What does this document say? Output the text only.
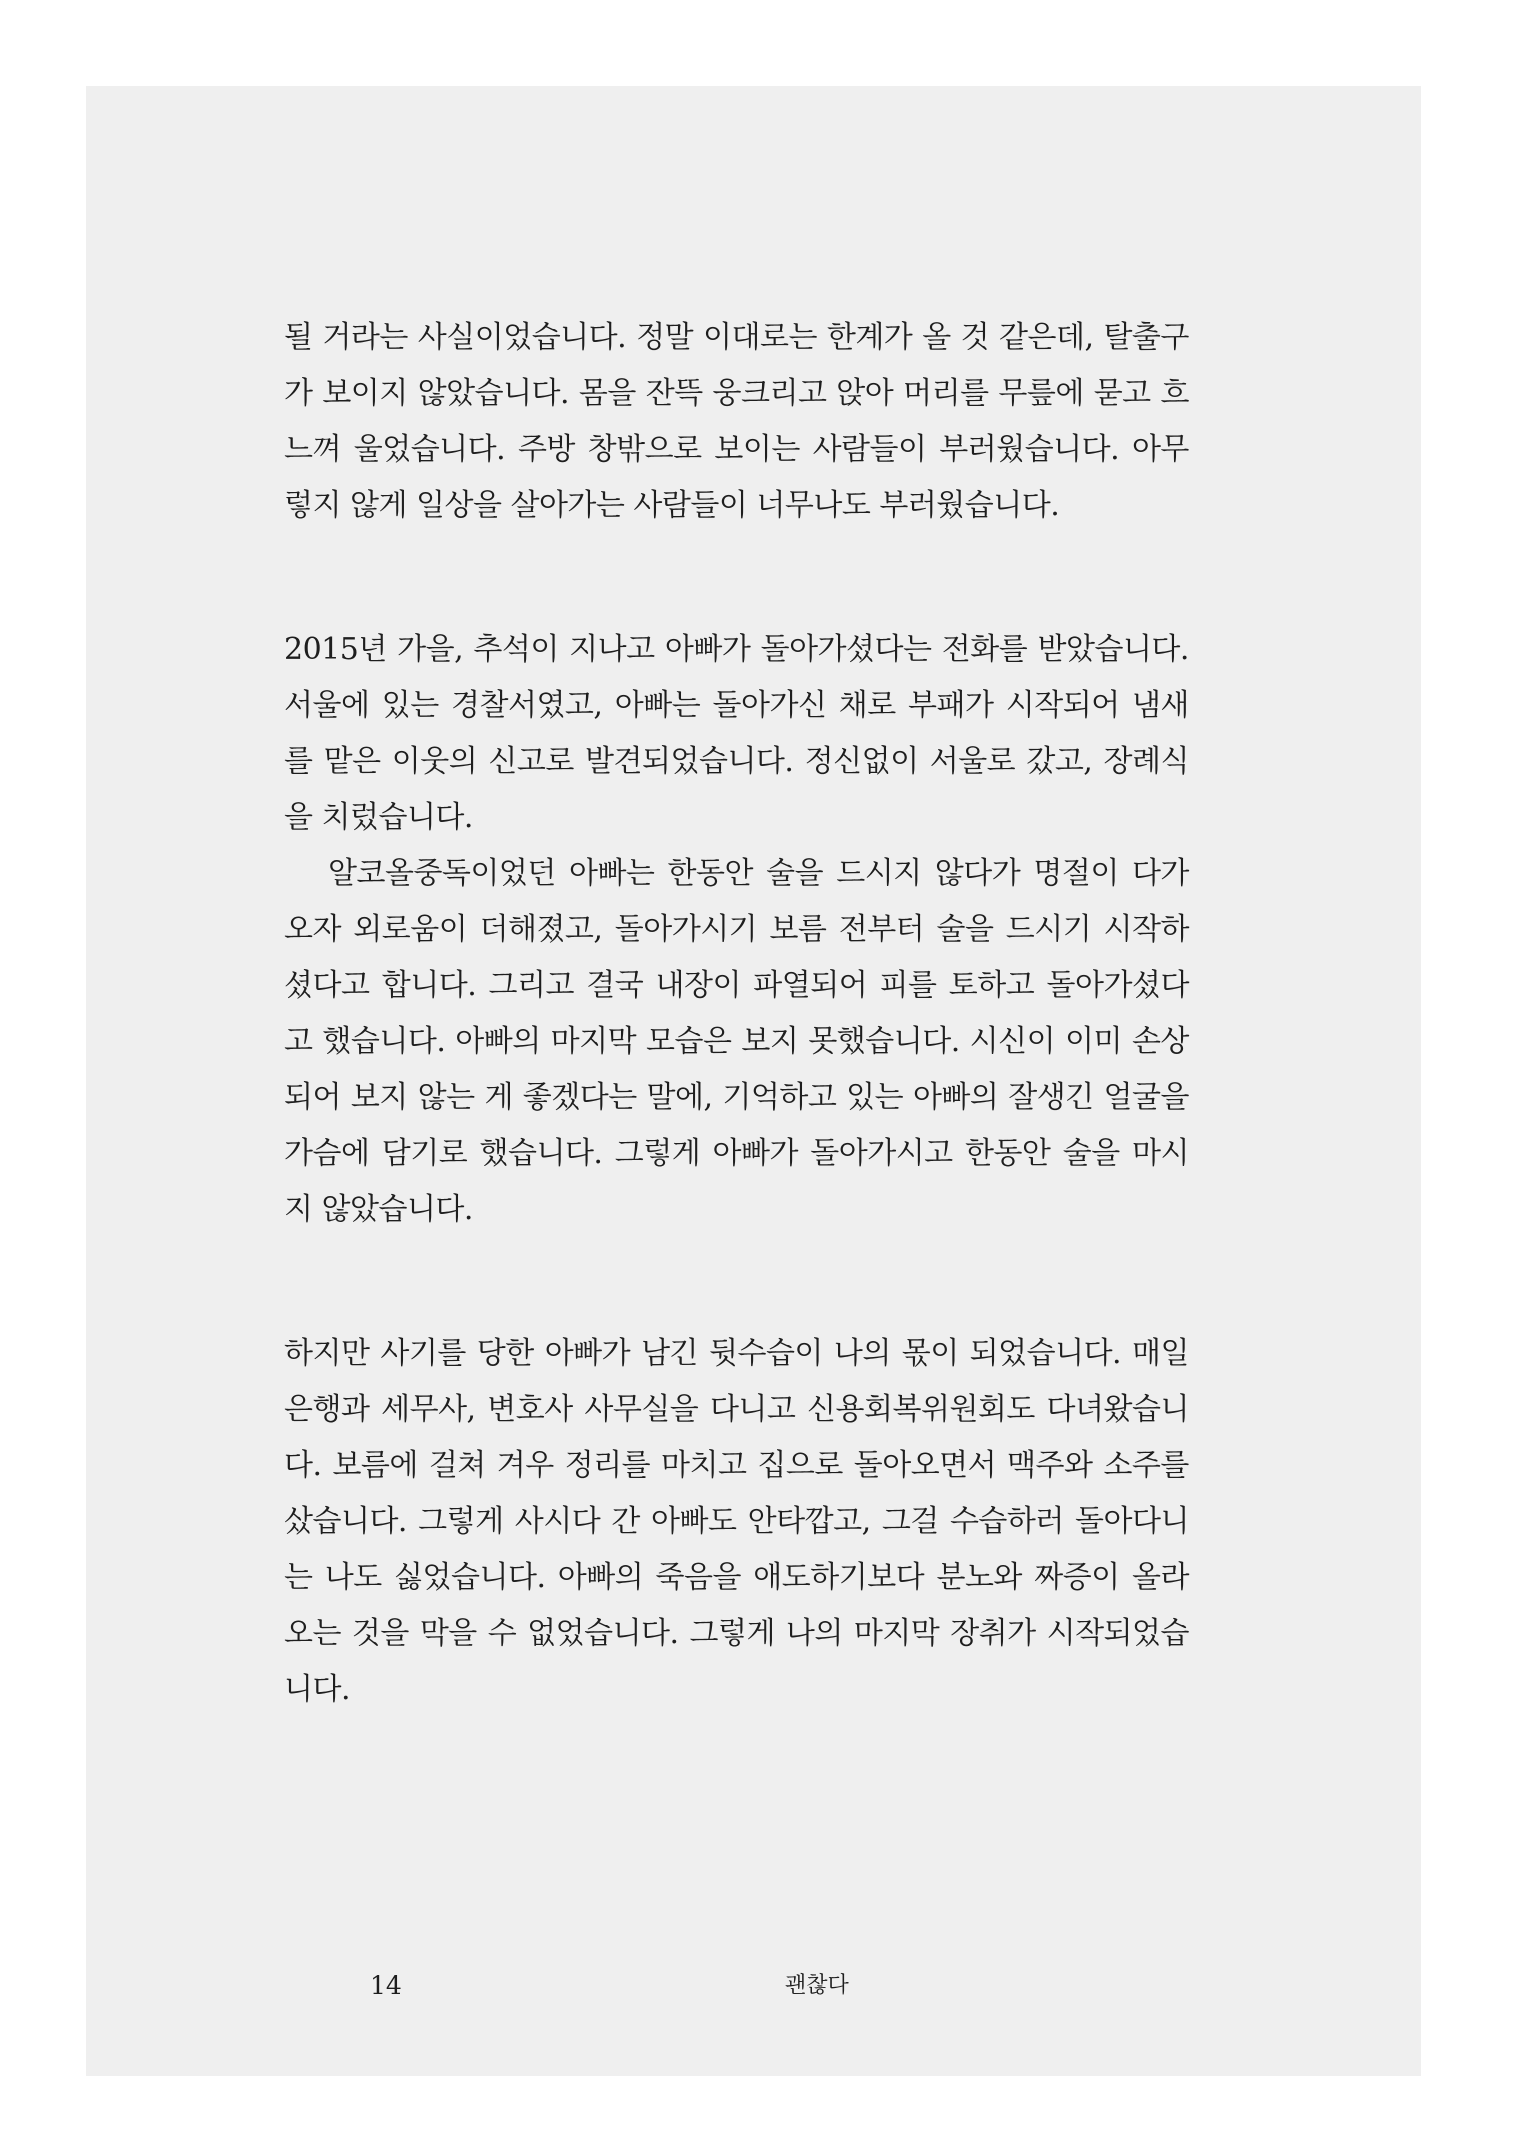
될 거라는 사실이었습니다. 정말 이대로는 한계가 올 것 같은데, 탈출구
가 보이지 않았습니다. 몸을 잔뜩 웅크리고 앉아 머리를 무릎에 묻고 흐
느껴 울었습니다. 주방 창밖으로 보이는 사람들이 부러웠습니다. 아무
렇지 않게 일상을 살아가는 사람들이 너무나도 부러웠습니다.
2015년 가을, 추석이 지나고 아빠가 돌아가셨다는 전화를 받았습니다.
서울에 있는 경찰서였고, 아빠는 돌아가신 채로 부패가 시작되어 냄새
를 맡은 이웃의 신고로 발견되었습니다. 정신없이 서울로 갔고, 장례식
을 치렀습니다.
알코올중독이었던 아빠는 한동안 술을 드시지 않다가 명절이 다가
오자 외로움이 더해졌고, 돌아가시기 보름 전부터 술을 드시기 시작하
셨다고 합니다. 그리고 결국 내장이 파열되어 피를 토하고 돌아가셨다
고 했습니다. 아빠의 마지막 모습은 보지 못했습니다. 시신이 이미 손상
되어 보지 않는 게 좋겠다는 말에, 기억하고 있는 아빠의 잘생긴 얼굴을
가슴에 담기로 했습니다. 그렇게 아빠가 돌아가시고 한동안 술을 마시
지 않았습니다.
하지만 사기를 당한 아빠가 남긴 뒷수습이 나의 몫이 되었습니다. 매일
은행과 세무사, 변호사 사무실을 다니고 신용회복위원회도 다녀왔습니
다. 보름에 걸쳐 겨우 정리를 마치고 집으로 돌아오면서 맥주와 소주를
샀습니다. 그렇게 사시다 간 아빠도 안타깝고, 그걸 수습하러 돌아다니
는 나도 싫었습니다. 아빠의 죽음을 애도하기보다 분노와 짜증이 올라
오는 것을 막을 수 없었습니다. 그렇게 나의 마지막 장취가 시작되었습
니다.
14	괜찮다
